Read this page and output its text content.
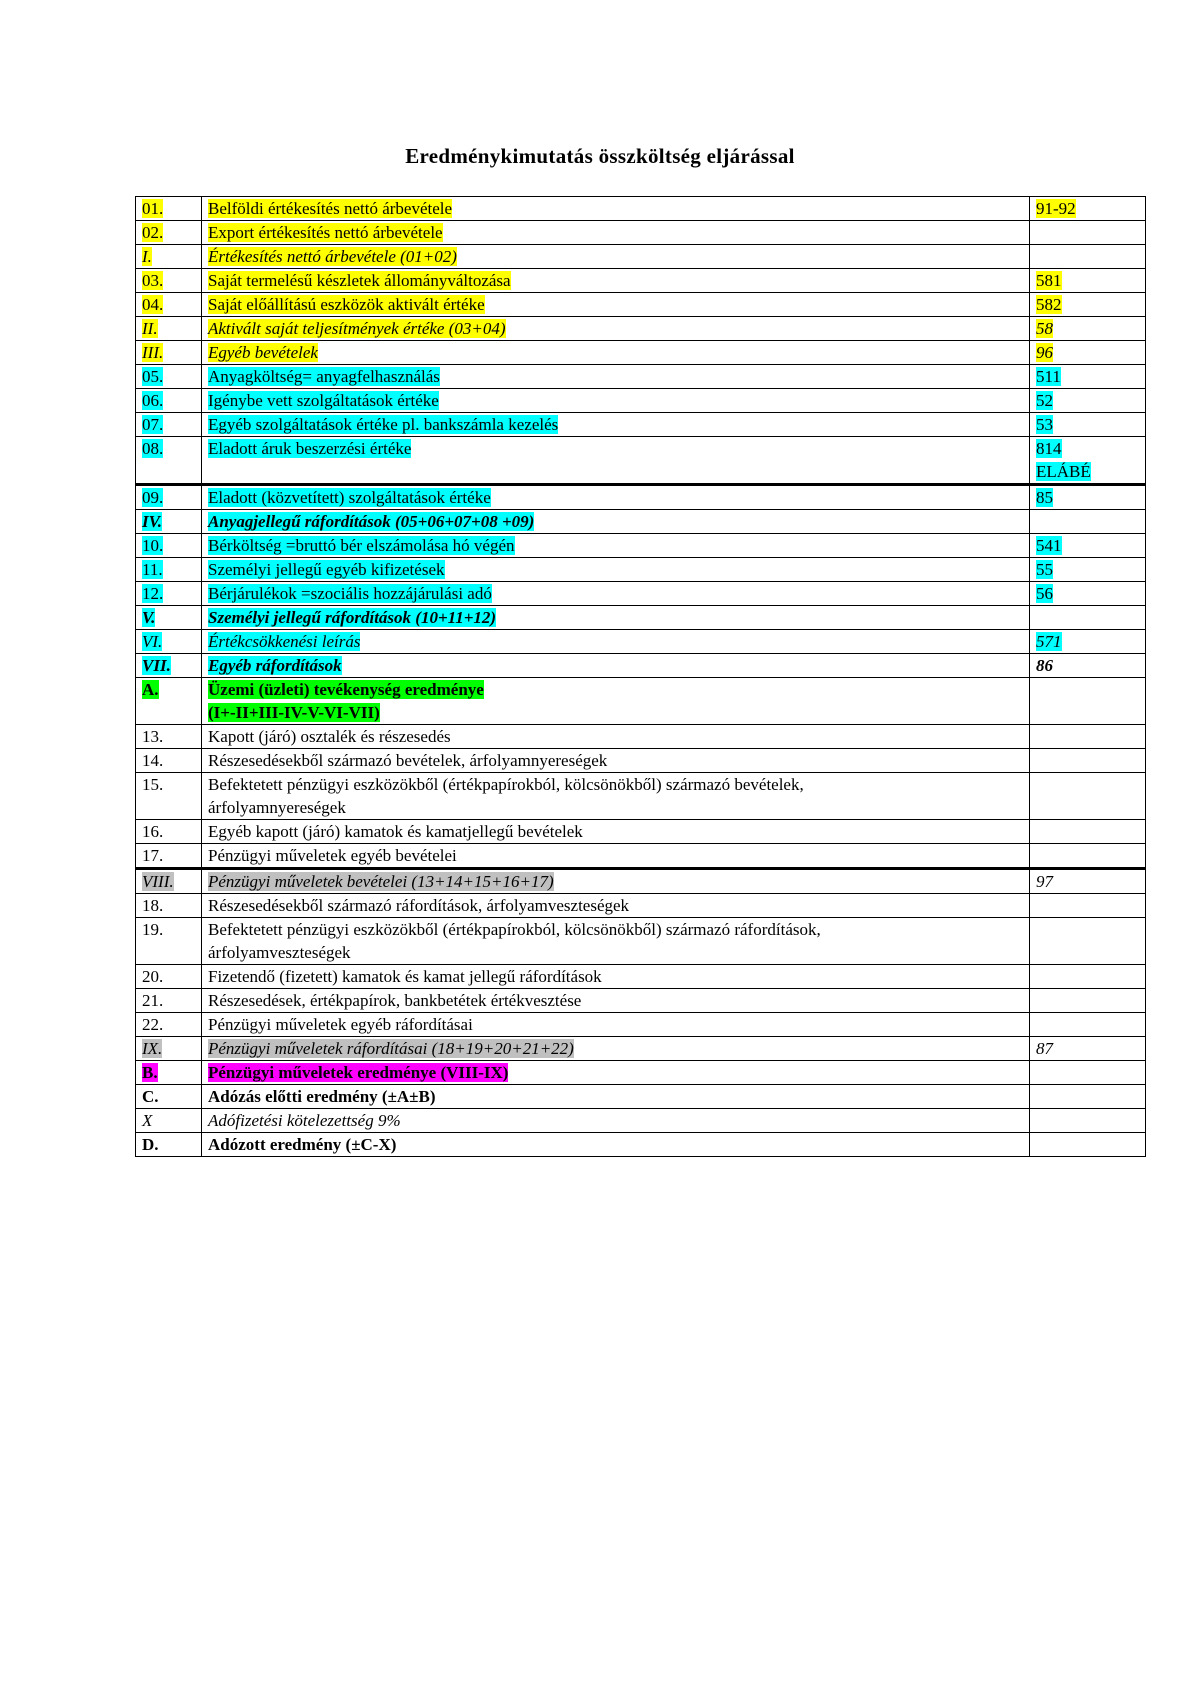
Eredménykimutatás összköltség eljárással
01.	Belföldi értékesítés nettó árbevétele	91-92
02.	Export értékesítés nettó árbevétele	
I.	Értékesítés nettó árbevétele (01+02)	
03.	Saját termelésű készletek állományváltozása	581
04.	Saját előállítású eszközök aktivált értéke	582
II.	Aktivált saját teljesítmények értéke (03+04)	58
III.	Egyéb bevételek	96
05.	Anyagköltség= anyagfelhasználás	511
06.	Igénybe vett szolgáltatások értéke	52
07.	Egyéb szolgáltatások értéke pl. bankszámla kezelés	53
08.	Eladott áruk beszerzési értéke	814
ELÁBÉ
09.	Eladott (közvetített) szolgáltatások értéke	85
IV.	Anyagjellegű ráfordítások (05+06+07+08 +09)	
10.	Bérköltség =bruttó bér elszámolása hó végén	541
11.	Személyi jellegű egyéb kifizetések	55
12.	Bérjárulékok =szociális hozzájárulási adó	56
V.	Személyi jellegű ráfordítások (10+11+12)	
VI.	Értékcsökkenési leírás	571
VII.	Egyéb ráfordítások	86
A.	Üzemi (üzleti) tevékenység eredménye
(I+-II+III-IV-V-VI-VII)	
13.	Kapott (járó) osztalék és részesedés	
14.	Részesedésekből származó bevételek, árfolyamnyereségek	
15.	Befektetett pénzügyi eszközökből (értékpapírokból, kölcsönökből) származó bevételek,
árfolyamnyereségek	
16.	Egyéb kapott (járó) kamatok és kamatjellegű bevételek	
17.	Pénzügyi műveletek egyéb bevételei	
VIII.	Pénzügyi műveletek bevételei (13+14+15+16+17)	97
18.	Részesedésekből származó ráfordítások, árfolyamveszteségek	
19.	Befektetett pénzügyi eszközökből (értékpapírokból, kölcsönökből) származó ráfordítások,
árfolyamveszteségek	
20.	Fizetendő (fizetett) kamatok és kamat jellegű ráfordítások	
21.	Részesedések, értékpapírok, bankbetétek értékvesztése	
22.	Pénzügyi műveletek egyéb ráfordításai	
IX.	Pénzügyi műveletek ráfordításai (18+19+20+21+22)	87
B.	Pénzügyi műveletek eredménye (VIII-IX)	
C.	Adózás előtti eredmény (±A±B)	
X	Adófizetési kötelezettség 9%	
D.	Adózott eredmény (±C-X)	
